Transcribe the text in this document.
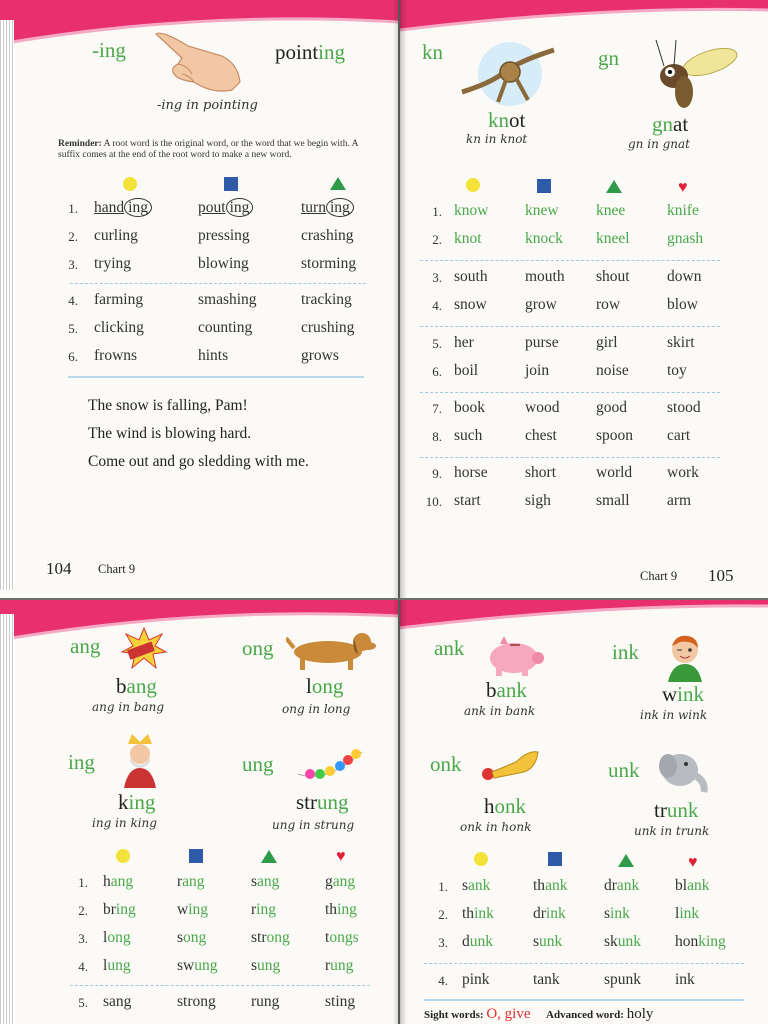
-ing	pointing
-ing in pointing
Reminder: A root word is the original word, or the word that we begin with. A suffix comes at the end of the root word to make a new word.
1. hand ing	pout ing	turn ing
2. curling	pressing	crashing
3. trying	blowing	storming
4. farming	smashing	tracking
5. clicking	counting	crushing
6. frowns	hints	grows
The snow is falling, Pam!
The wind is blowing hard.
Come out and go sledding with me.
104 Chart 9
kn	gn
knot
kn in knot
gnat
gn in gnat
♥
1. know knew knee	knife
2. knot	knock kneel gnash
3. south mouth shout down
4. snow grow	row	blow
5. her	purse girl	skirt
6. boil	join	noise toy
7. book	wood good	stood
8. such	chest	spoon cart
9. horse short	world work
10. start	sigh	small arm
Chart 9 105
ang
bang
ang in bang
ong
long
ong in long
ing
king
ing in king
ung
strung
ung in strung
♥
1. hang	rang	sang	gang
2. bring	wing	ring	thing
3. long	song	strong tongs
4. lung	swung sung	rung
5. sang	strong rung	sting
ank
bank
ank in bank
ink
wink
ink in wink
onk
honk
onk in honk
unk
trunk
unk in trunk
♥
1. sank	thank drank blank
2. think	drink sink	link
3. dunk	sunk	skunk honking
4. pink	tank	spunk ink
Sight words: O, give Advanced word: holy
